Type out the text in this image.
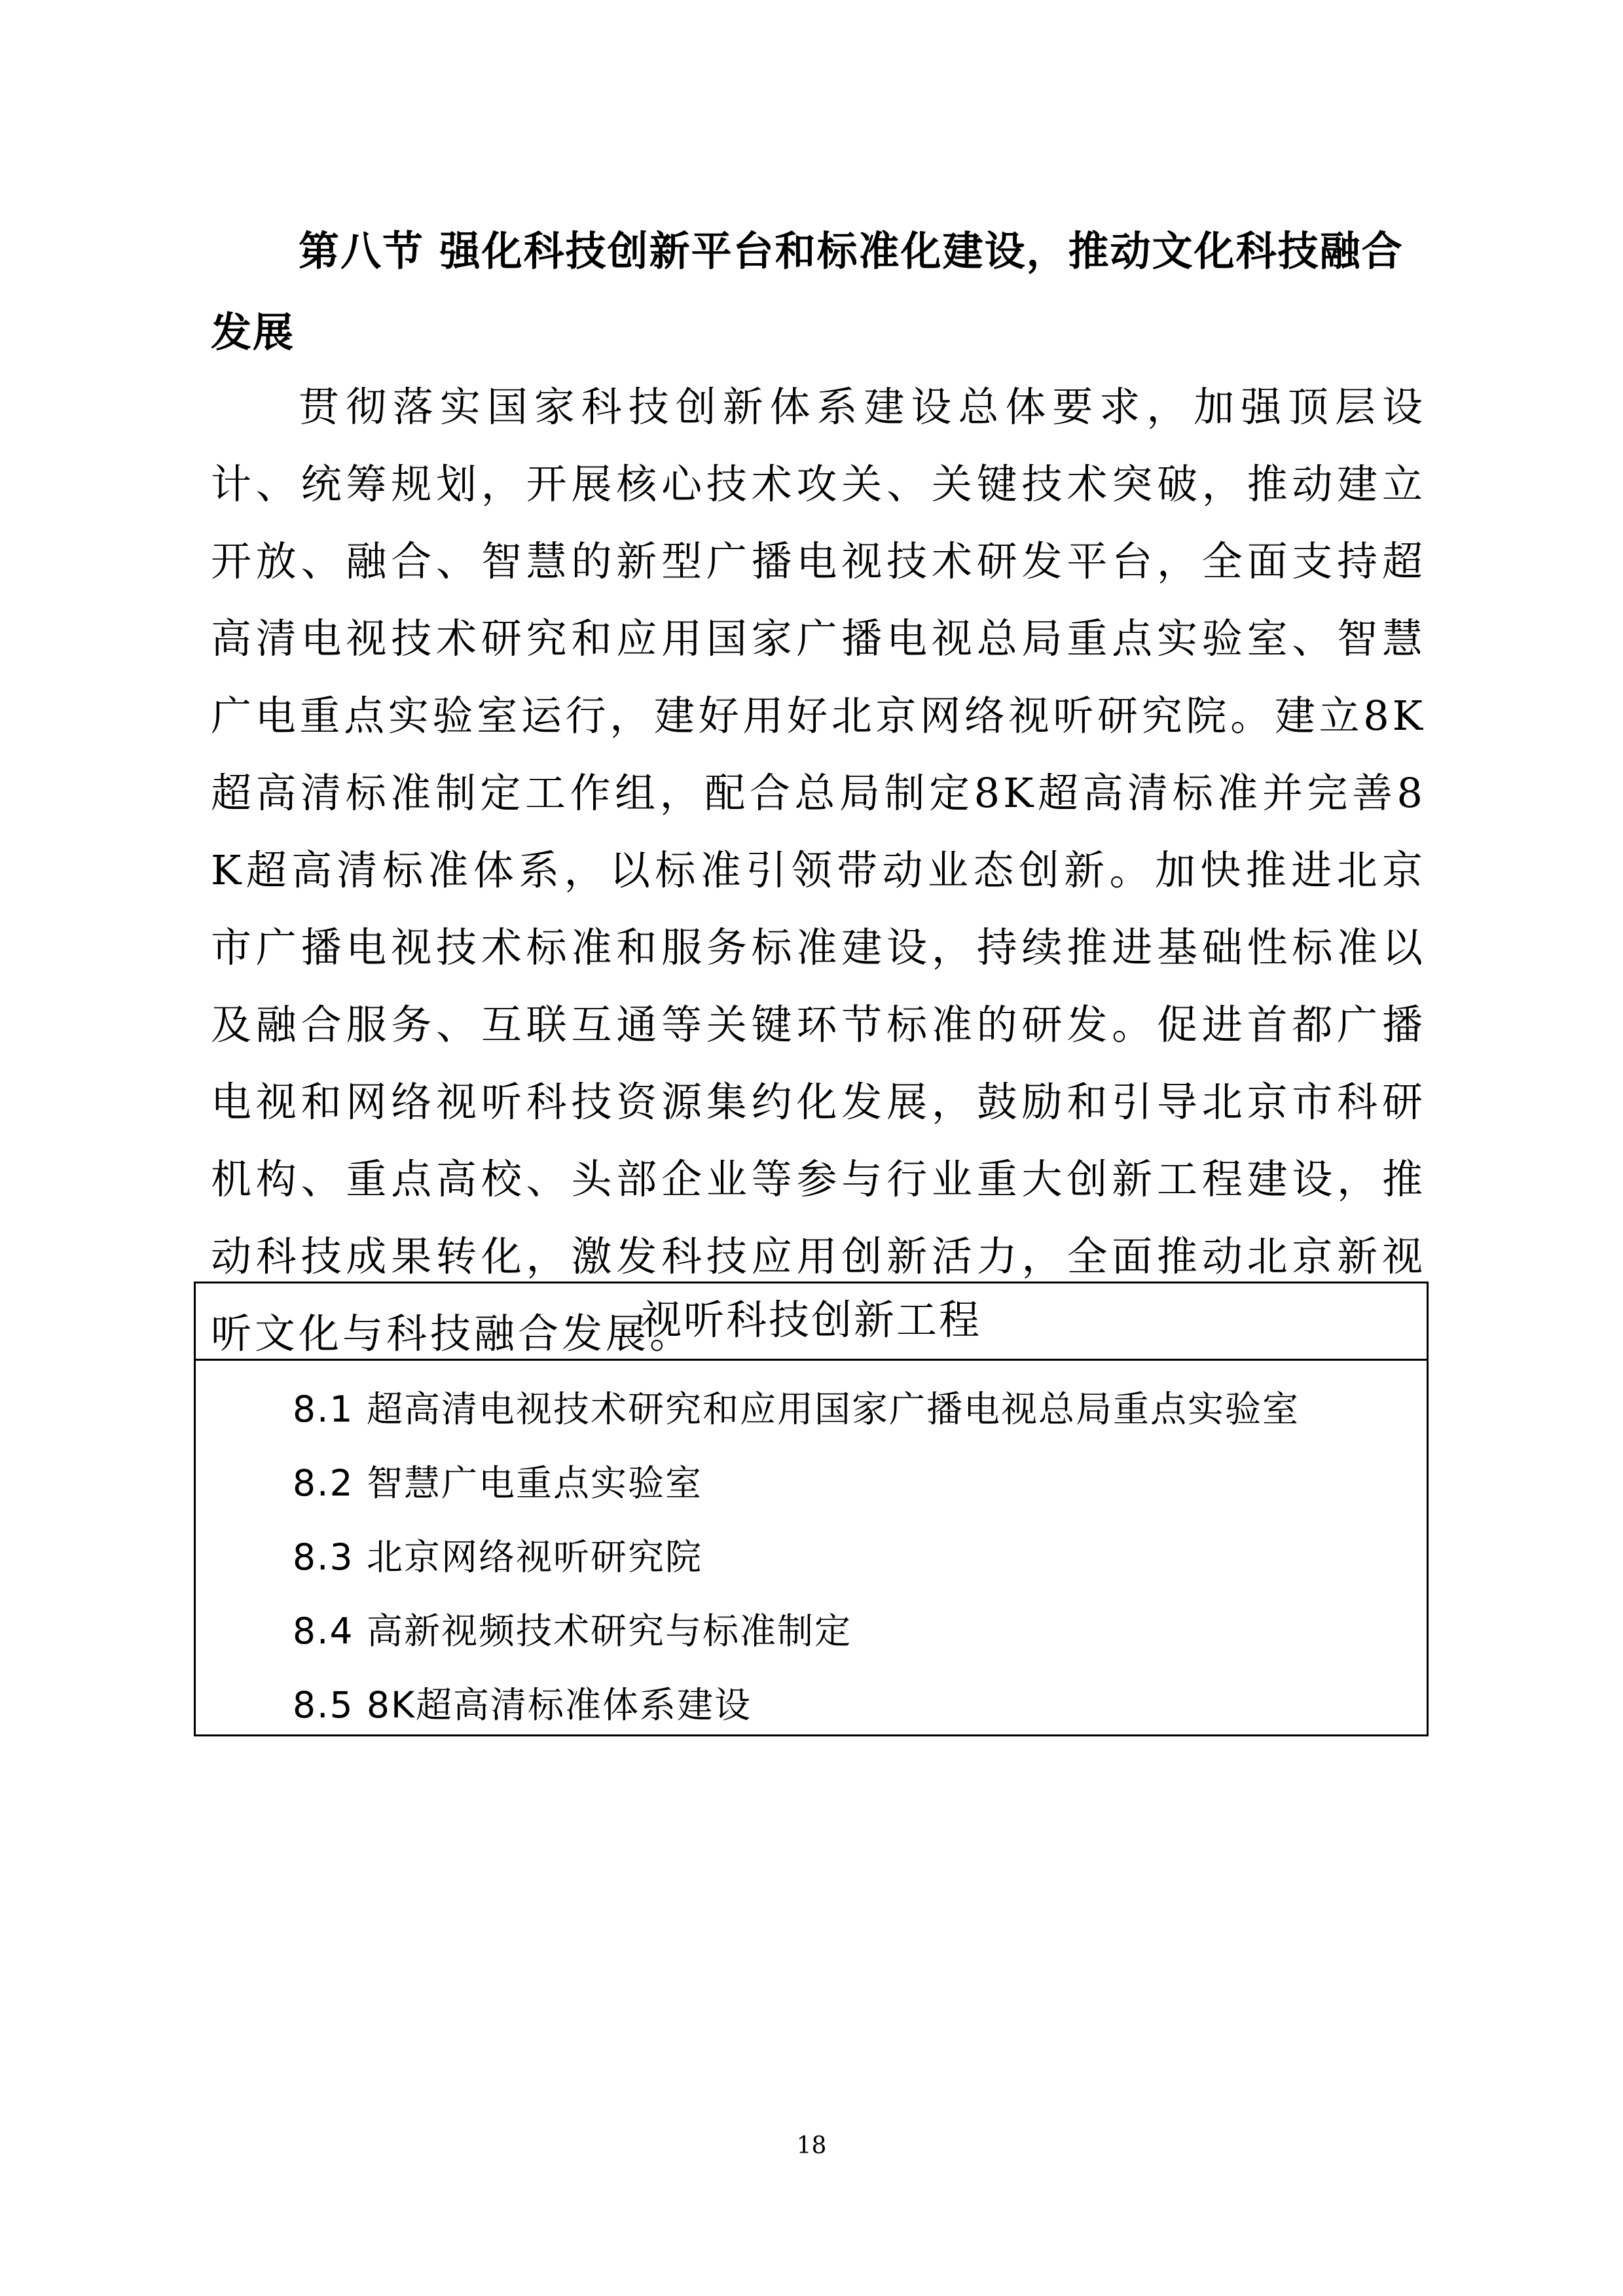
第八节 强化科技创新平台和标准化建设，推动文化科技融合发展

贯彻落实国家科技创新体系建设总体要求，加强顶层设计、统筹规划，开展核心技术攻关、关键技术突破，推动建立开放、融合、智慧的新型广播电视技术研发平台，全面支持超高清电视技术研究和应用国家广播电视总局重点实验室、智慧广电重点实验室运行，建好用好北京网络视听研究院。建立8K超高清标准制定工作组，配合总局制定8K超高清标准并完善8K超高清标准体系，以标准引领带动业态创新。加快推进北京市广播电视技术标准和服务标准建设，持续推进基础性标准以及融合服务、互联互通等关键环节标准的研发。促进首都广播电视和网络视听科技资源集约化发展，鼓励和引导北京市科研机构、重点高校、头部企业等参与行业重大创新工程建设，推动科技成果转化，激发科技应用创新活力，全面推动北京新视听文化与科技融合发展。

视听科技创新工程
8.1 超高清电视技术研究和应用国家广播电视总局重点实验室
8.2 智慧广电重点实验室
8.3 北京网络视听研究院
8.4 高新视频技术研究与标准制定
8.5 8K超高清标准体系建设
18
